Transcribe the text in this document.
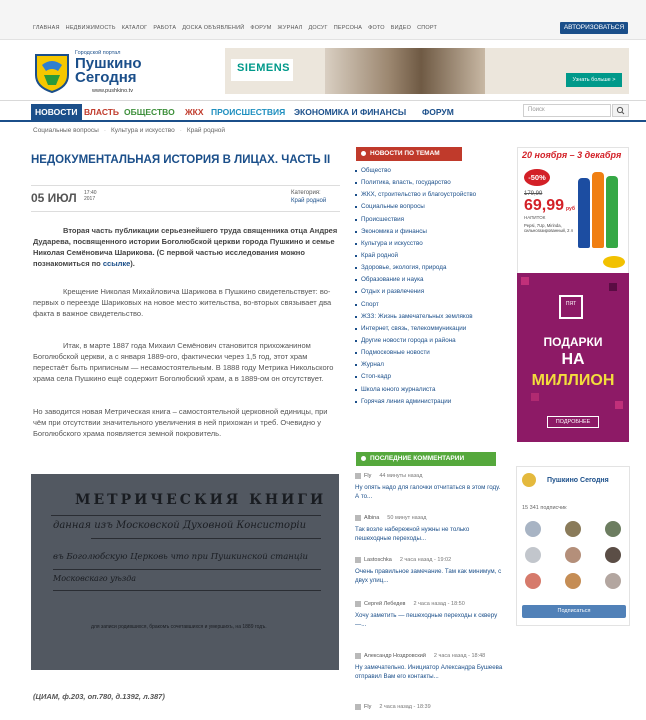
ГЛАВНАЯ НЕДВИЖИМОСТЬ КАТАЛОГ РАБОТА ДОСКА ОБЪЯВЛЕНИЙ ФОРУМ ЖУРНАЛ ДОСУГ ПЕРСОНА ФОТО ВИДЕО СПОРТ	АВТОРИЗОВАТЬСЯ
Городской портал
Пушкино
Сегодня
www.pushkino.tv
SIEMENS
Узнать больше >
НОВОСТИ ВЛАСТЬ ОБЩЕСТВО ЖКХ ПРОИСШЕСТВИЯ ЭКОНОМИКА И ФИНАНСЫ ФОРУМ	Поиск
Социальные вопросы · Культура и искусство · Край родной
НЕДОКУМЕНТАЛЬНАЯ ИСТОРИЯ В ЛИЦАХ. ЧАСТЬ II
05 ИЮЛ 17:40
2017
Категория:
Край родной

Вторая часть публикации серьезнейшего труда священника отца Андрея Дударева, посвященного истории Боголюбской церкви города Пушкино и семье Николая Семёновича Шарикова. (С первой частью исследования можно познакомиться по ссылке).

Крещение Николая Михайловича Шарикова в Пушкино свидетельствует: во-первых о переезде Шариковых на новое место жительства, во-вторых связывает два факта в важное свидетельство.

Итак, в марте 1887 года Михаил Семёнович становится прихожанином Боголюбской церкви, а с января 1889-ого, фактически через 1,5 год, этот храм перестаёт быть приписным — несамостоятельным. В 1888 году Метрика Никольского храма села Пушкино ещё содержит Боголюбский храм, а в 1889-ом он отсутствует.

Но заводится новая Метрическая книга – самостоятельной церковной единицы, при чём при отсутствии значительного увеличения в ней прихожан и треб. Очевидно у Боголюбского храма появляется земной покровитель.

МЕТРИЧЕСКИЯ КНИГИ
данная изъ Московской Духовной Консисторіи
въ Боголюбскую Церковь что при Пушкинской станціи
Московскаго уѣзда
для записи родившихся, бракомъ сочетавшихся и умершихъ, на 1889 годъ.
(ЦИАМ, ф.203, оп.780, д.1392, л.387)
НОВОСТИ ПО ТЕМАМ
Общество
Политика, власть, государство
ЖКХ, строительство и благоустройство
Социальные вопросы
Происшествия
Экономика и финансы
Культура и искусство
Край родной
Здоровье, экология, природа
Образование и наука
Отдых и развлечения
Спорт
ЖЗЗ: Жизнь замечательных земляков
Интернет, связь, телекоммуникации
Другие новости города и района
Подмосковные новости
Журнал
Стоп-кадр
Школа юного журналиста
Горячая линия администрации
ПОСЛЕДНИЕ КОММЕНТАРИИ
Fly 44 минуты назад
Ну опять надо для галочки отчитаться в этом году. А то...
Albina 50 минут назад
Так возле набережной нужны не только пешеходные переходы...
Lastoschka 2 часа назад - 19:02
Очень правильное замечание. Там как минимум, с двух улиц...
Сергей Лебедев 2 часа назад - 18:50
Хочу заметить — пешеходные переходы к скверу —...
Александр Ноздровский 2 часа назад - 18:48
Ну замечательно. Инициатор Александра Бушеева отправил Вам его контакты...
Fly 2 часа назад - 18:39
20 ноября – 3 декабря
-50%
179,99
69,99 руб
НАПИТОК
Pepsi, 7Up, Mirinda, сильногазированный, 2 л
ПЯТ
ПОДАРКИ
НА
МИЛЛИОН
ПОДРОБНЕЕ
Пушкино Сегодня
15 341 подписчик
Подписаться
